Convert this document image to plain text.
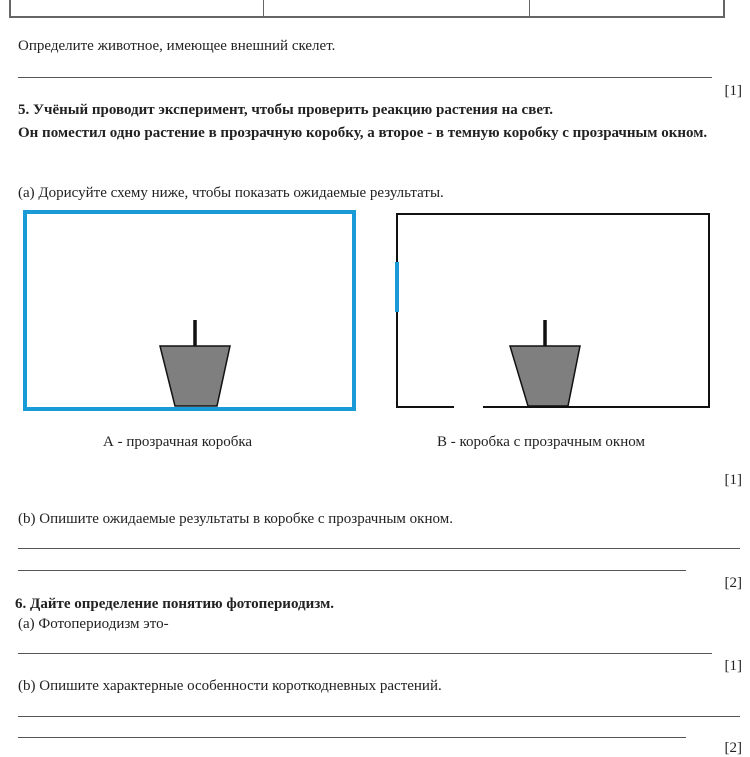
Определите животное, имеющее внешний скелет.
[1]
5. Учёный проводит эксперимент, чтобы проверить реакцию растения на свет.
Он поместил одно растение в прозрачную коробку, а второе - в темную коробку с прозрачным окном.
(а) Дорисуйте схему ниже, чтобы показать ожидаемые результаты.
А - прозрачная коробка	В - коробка с прозрачным окном
[1]
(b) Опишите ожидаемые результаты в коробке с прозрачным окном.
[2]
6. Дайте определение понятию фотопериодизм.
(а) Фотопериодизм это-
[1]
(b) Опишите характерные особенности короткодневных растений.
[2]
